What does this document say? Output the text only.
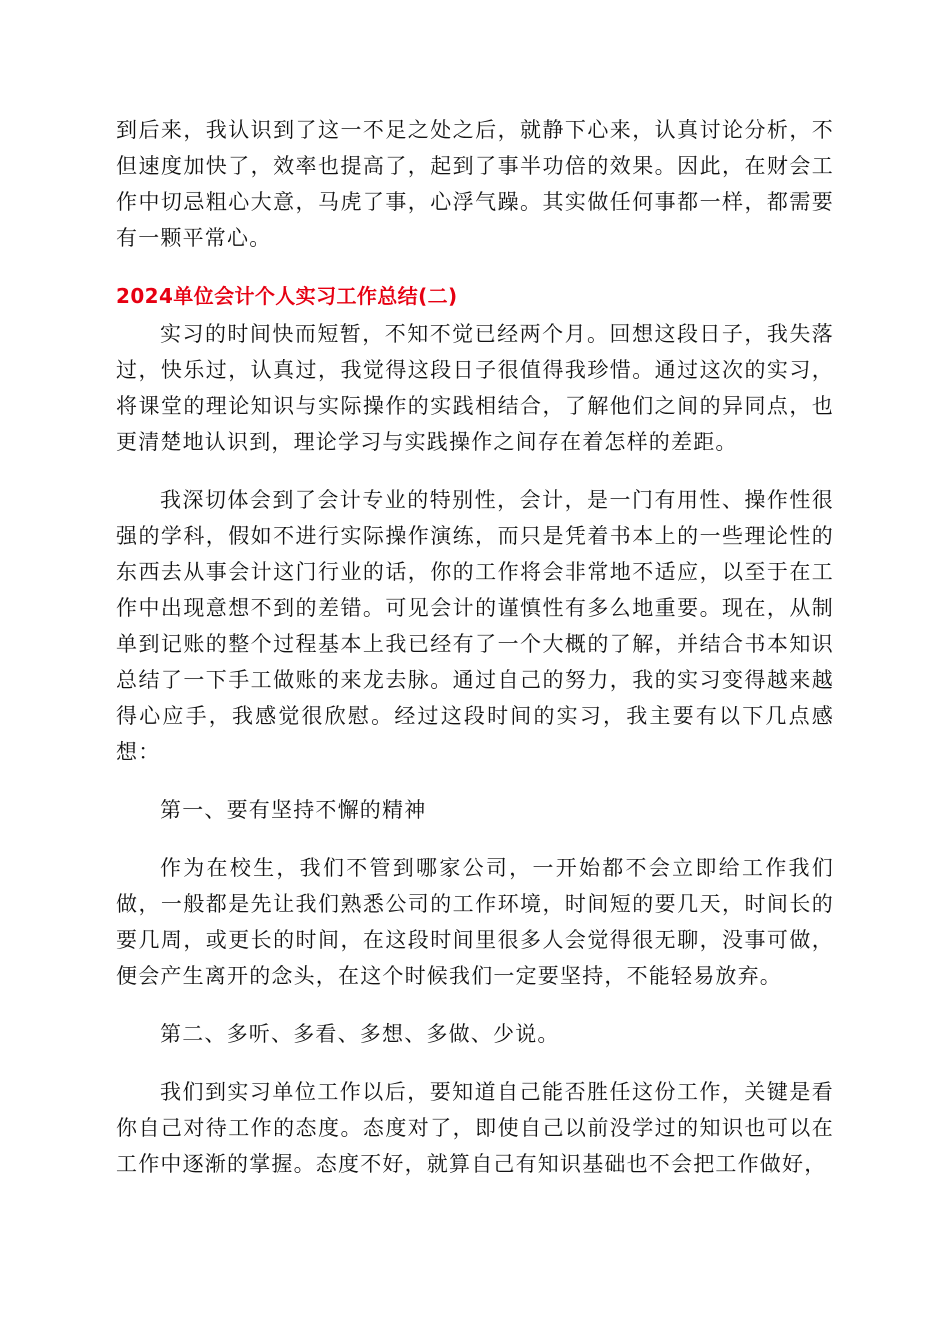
到后来，我认识到了这一不足之处之后，就静下心来，认真讨论分析，不但速度加快了，效率也提高了，起到了事半功倍的效果。因此，在财会工作中切忌粗心大意，马虎了事，心浮气躁。其实做任何事都一样，都需要有一颗平常心。

2024单位会计个人实习工作总结(二)

实习的时间快而短暂，不知不觉已经两个月。回想这段日子，我失落过，快乐过，认真过，我觉得这段日子很值得我珍惜。通过这次的实习，将课堂的理论知识与实际操作的实践相结合，了解他们之间的异同点，也更清楚地认识到，理论学习与实践操作之间存在着怎样的差距。

我深切体会到了会计专业的特别性，会计，是一门有用性、操作性很强的学科，假如不进行实际操作演练，而只是凭着书本上的一些理论性的东西去从事会计这门行业的话，你的工作将会非常地不适应，以至于在工作中出现意想不到的差错。可见会计的谨慎性有多么地重要。现在，从制单到记账的整个过程基本上我已经有了一个大概的了解，并结合书本知识总结了一下手工做账的来龙去脉。通过自己的努力，我的实习变得越来越得心应手，我感觉很欣慰。经过这段时间的实习，我主要有以下几点感想：

第一、要有坚持不懈的精神

作为在校生，我们不管到哪家公司，一开始都不会立即给工作我们做，一般都是先让我们熟悉公司的工作环境，时间短的要几天，时间长的要几周，或更长的时间，在这段时间里很多人会觉得很无聊，没事可做，便会产生离开的念头，在这个时候我们一定要坚持，不能轻易放弃。

第二、多听、多看、多想、多做、少说。

我们到实习单位工作以后，要知道自己能否胜任这份工作，关键是看你自己对待工作的态度。态度对了，即使自己以前没学过的知识也可以在工作中逐渐的掌握。态度不好，就算自己有知识基础也不会把工作做好，
